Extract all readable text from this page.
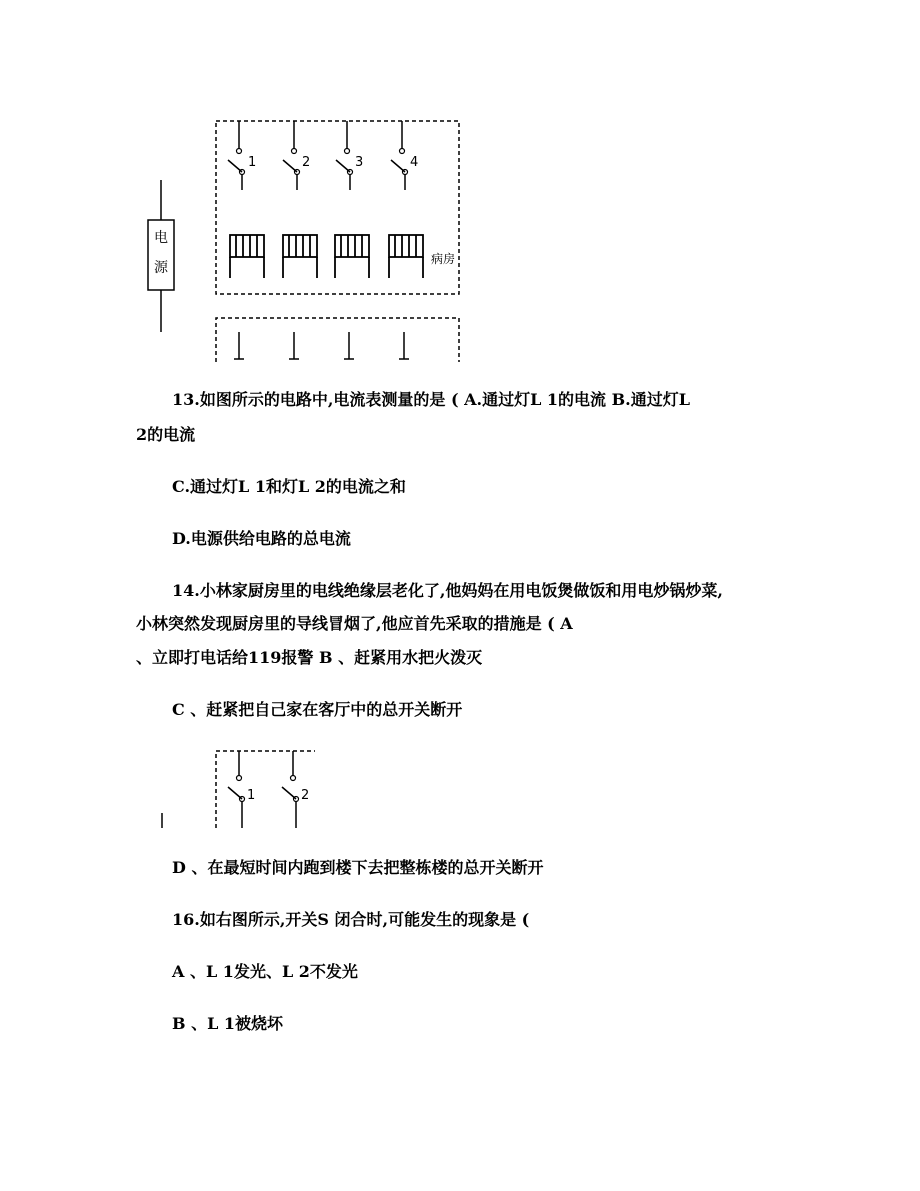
电
源
1	2	3	4
病房
13.如图所示的电路中,电流表测量的是 ( A.通过灯L 1的电流 B.通过灯L
2的电流
C.通过灯L 1和灯L 2的电流之和
D.电源供给电路的总电流
14.小林家厨房里的电线绝缘层老化了,他妈妈在用电饭煲做饭和用电炒锅炒菜,
小林突然发现厨房里的导线冒烟了,他应首先采取的措施是 ( A
、立即打电话给119报警 B 、赶紧用水把火泼灭
C 、赶紧把自己家在客厅中的总开关断开
1	2
D 、在最短时间内跑到楼下去把整栋楼的总开关断开
16.如右图所示,开关S 闭合时,可能发生的现象是 (
A 、L 1发光、L 2不发光
B 、L 1被烧坏
